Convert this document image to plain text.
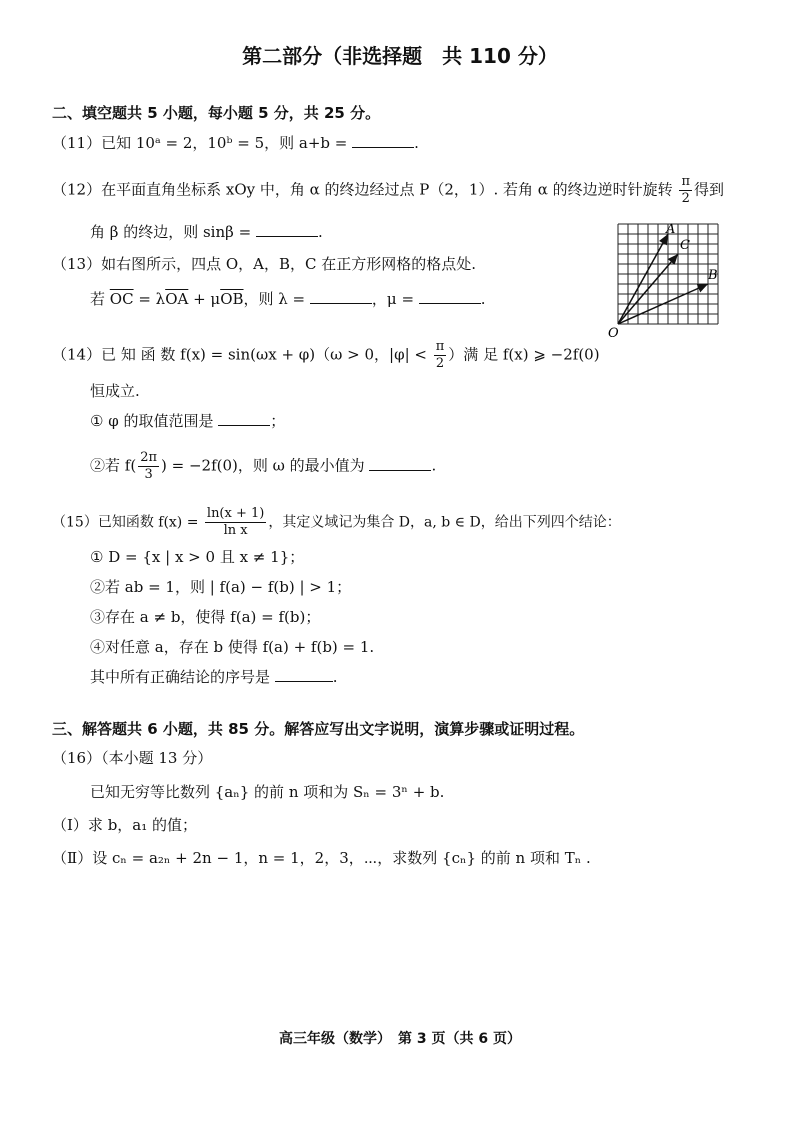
第二部分（非选择题　共 110 分）
二、填空题共 5 小题，每小题 5 分，共 25 分。
（11）已知 10ᵃ = 2，10ᵇ = 5，则 a+b =	.
（12）在平面直角坐标系 xOy 中，角 α 的终边经过点 P（2，1）. 若角 α 的终边逆时针旋转 $\frac{\pi}{2}$ 得到
角 β 的终边，则 sinβ =	.
（13）如右图所示，四点 O，A，B，C 在正方形网格的格点处.
若 $\overline{OC} = \lambda\overline{OA} + \mu\overline{OB}$，则 λ =	，μ =	.
O
A
C
B
（14）已 知 函 数 f(x) = sin(ωx + φ)（ω > 0，$|\varphi| < \frac{\pi}{2}$ ）满 足 f(x) ⩾ −2f(0)
恒成立.
① φ 的取值范围是	；
②若 $f( \frac{2\pi}{3}$ ) = −2f(0)，则 ω 的最小值为	.
（15）已知函数 $f(x) = \frac{\ln(x + 1)}{\text{ln x}}$ ，其定义域记为集合 D，a, b ∈ D，给出下列四个结论：
① D = {x | x > 0 且 x ≠ 1}；
②若 ab = 1，则 | f(a) − f(b) | > 1；
③存在 a ≠ b，使得 f(a) = f(b)；
④对任意 a，存在 b 使得 f(a) + f(b) = 1.
其中所有正确结论的序号是	.
三、解答题共 6 小题，共 85 分。解答应写出文字说明，演算步骤或证明过程。
（16）（本小题 13 分）
已知无穷等比数列 {aₙ} 的前 n 项和为 Sₙ = 3ⁿ + b.
（Ⅰ）求 b，a₁ 的值；
（Ⅱ）设 cₙ = a₂ₙ + 2n − 1，n = 1，2，3，⋯，求数列 {cₙ} 的前 n 项和 Tₙ .
高三年级（数学）　第 3 页（共 6 页）
